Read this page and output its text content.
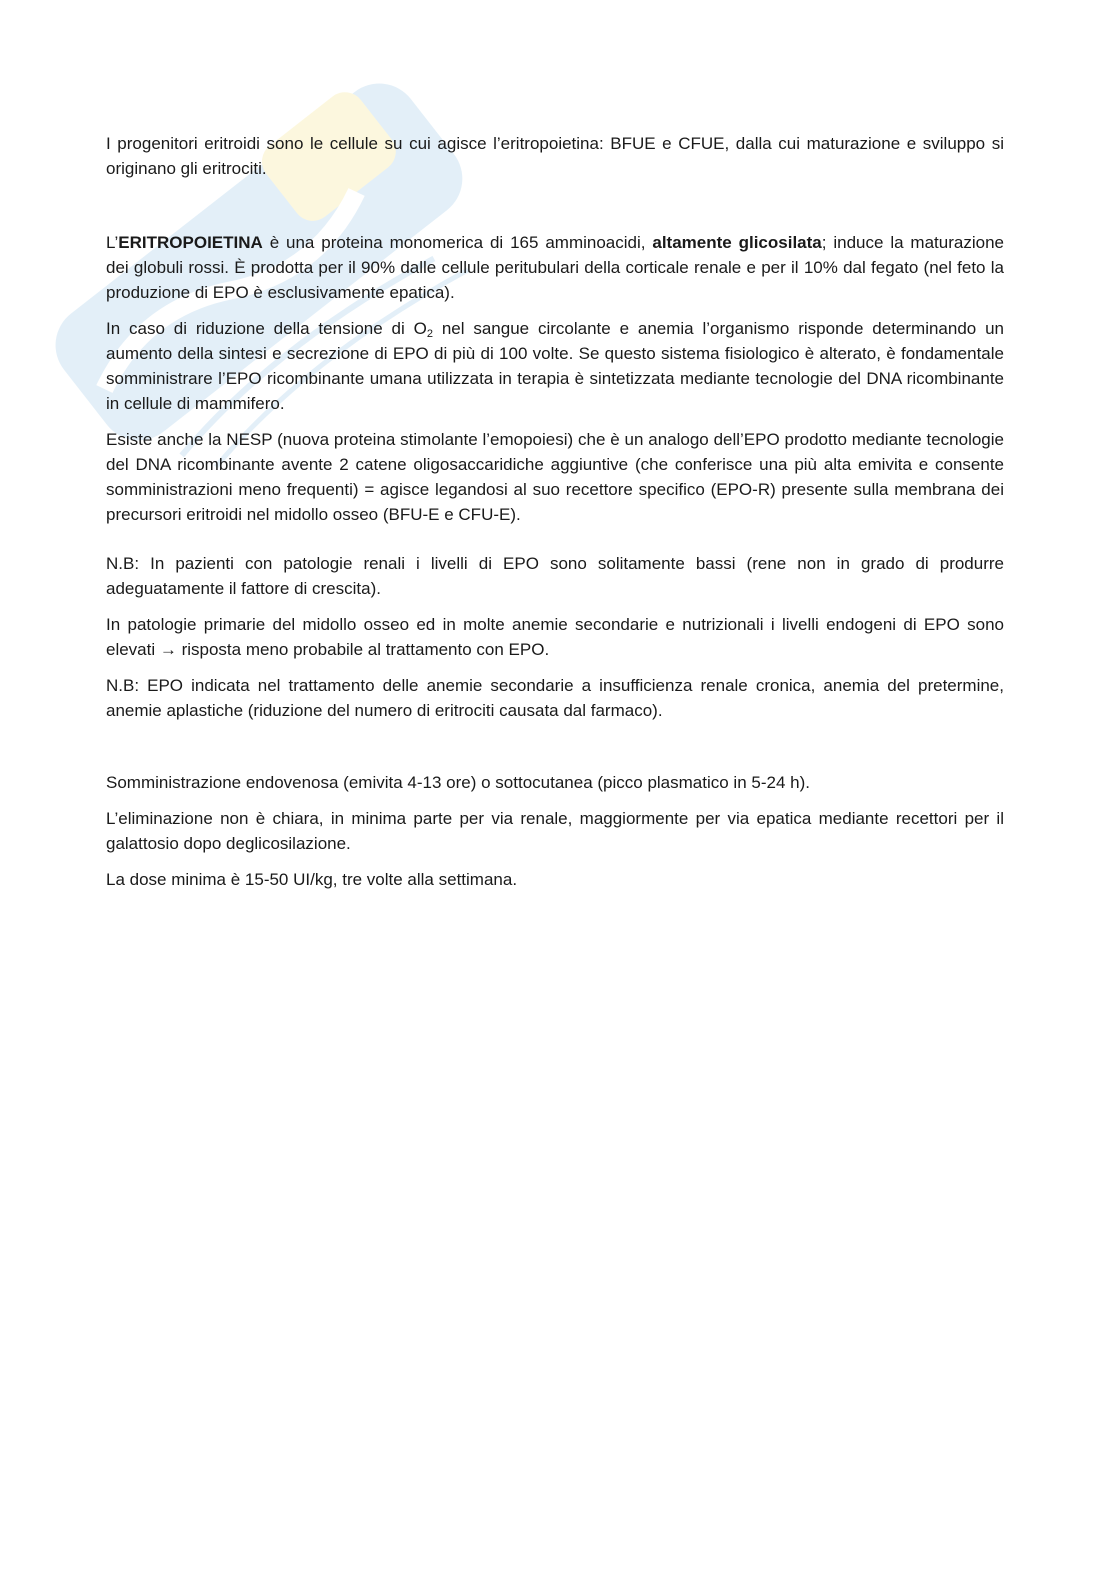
I progenitori eritroidi sono le cellule su cui agisce l’eritropoietina: BFUE e CFUE, dalla cui maturazione e sviluppo si originano gli eritrociti.

L’ERITROPOIETINA è una proteina monomerica di 165 amminoacidi, altamente glicosilata; induce la maturazione dei globuli rossi. È prodotta per il 90% dalle cellule peritubulari della corticale renale e per il 10% dal fegato (nel feto la produzione di EPO è esclusivamente epatica).

In caso di riduzione della tensione di $O_2$ nel sangue circolante e anemia l’organismo risponde determinando un aumento della sintesi e secrezione di EPO di più di 100 volte. Se questo sistema fisiologico è alterato, è fondamentale somministrare l’EPO ricombinante umana utilizzata in terapia è sintetizzata mediante tecnologie del DNA ricombinante in cellule di mammifero.

Esiste anche la NESP (nuova proteina stimolante l’emopoiesi) che è un analogo dell’EPO prodotto mediante tecnologie del DNA ricombinante avente 2 catene oligosaccaridiche aggiuntive (che conferisce una più alta emivita e consente somministrazioni meno frequenti) = agisce legandosi al suo recettore specifico (EPO-R) presente sulla membrana dei precursori eritroidi nel midollo osseo (BFU-E e CFU-E).

N.B: In pazienti con patologie renali i livelli di EPO sono solitamente bassi (rene non in grado di produrre adeguatamente il fattore di crescita).

In patologie primarie del midollo osseo ed in molte anemie secondarie e nutrizionali i livelli endogeni di EPO sono elevati → risposta meno probabile al trattamento con EPO.

N.B: EPO indicata nel trattamento delle anemie secondarie a insufficienza renale cronica, anemia del pretermine, anemie aplastiche (riduzione del numero di eritrociti causata dal farmaco).

Somministrazione endovenosa (emivita 4-13 ore) o sottocutanea (picco plasmatico in 5-24 h).

L’eliminazione non è chiara, in minima parte per via renale, maggiormente per via epatica mediante recettori per il galattosio dopo deglicosilazione.

La dose minima è 15-50 UI/kg, tre volte alla settimana.
